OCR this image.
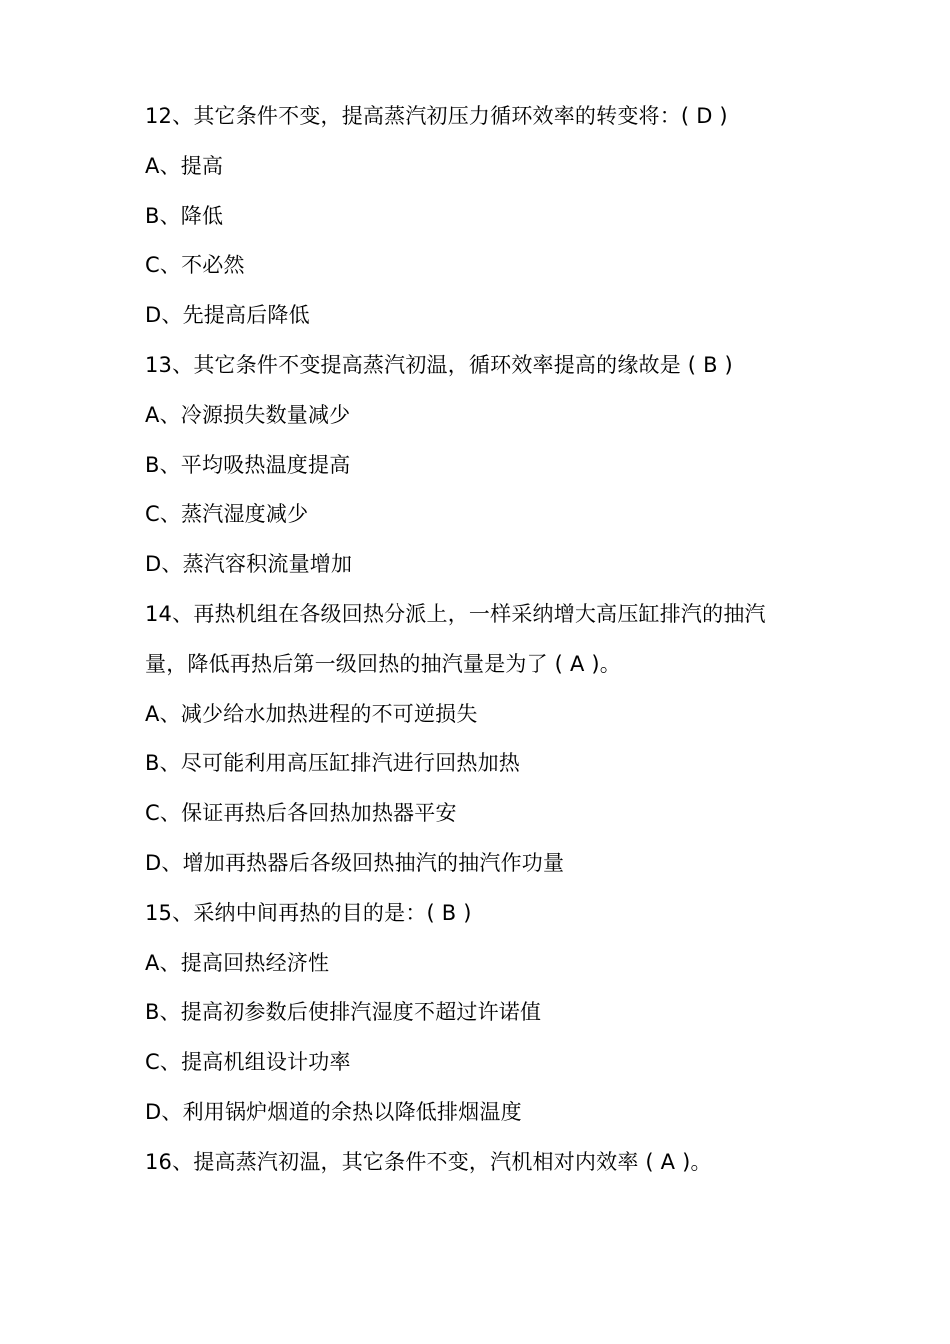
12、其它条件不变，提高蒸汽初压力循环效率的转变将：( D )
A、提高
B、降低
C、不必然
D、先提高后降低
13、其它条件不变提高蒸汽初温，循环效率提高的缘故是 ( B )
A、冷源损失数量减少
B、平均吸热温度提高
C、蒸汽湿度减少
D、蒸汽容积流量增加
14、再热机组在各级回热分派上，一样采纳增大高压缸排汽的抽汽
量，降低再热后第一级回热的抽汽量是为了 ( A )。
A、减少给水加热进程的不可逆损失
B、尽可能利用高压缸排汽进行回热加热
C、保证再热后各回热加热器平安
D、增加再热器后各级回热抽汽的抽汽作功量
15、采纳中间再热的目的是：( B )
A、提高回热经济性
B、提高初参数后使排汽湿度不超过许诺值
C、提高机组设计功率
D、利用锅炉烟道的余热以降低排烟温度
16、提高蒸汽初温，其它条件不变，汽机相对内效率 ( A )。
